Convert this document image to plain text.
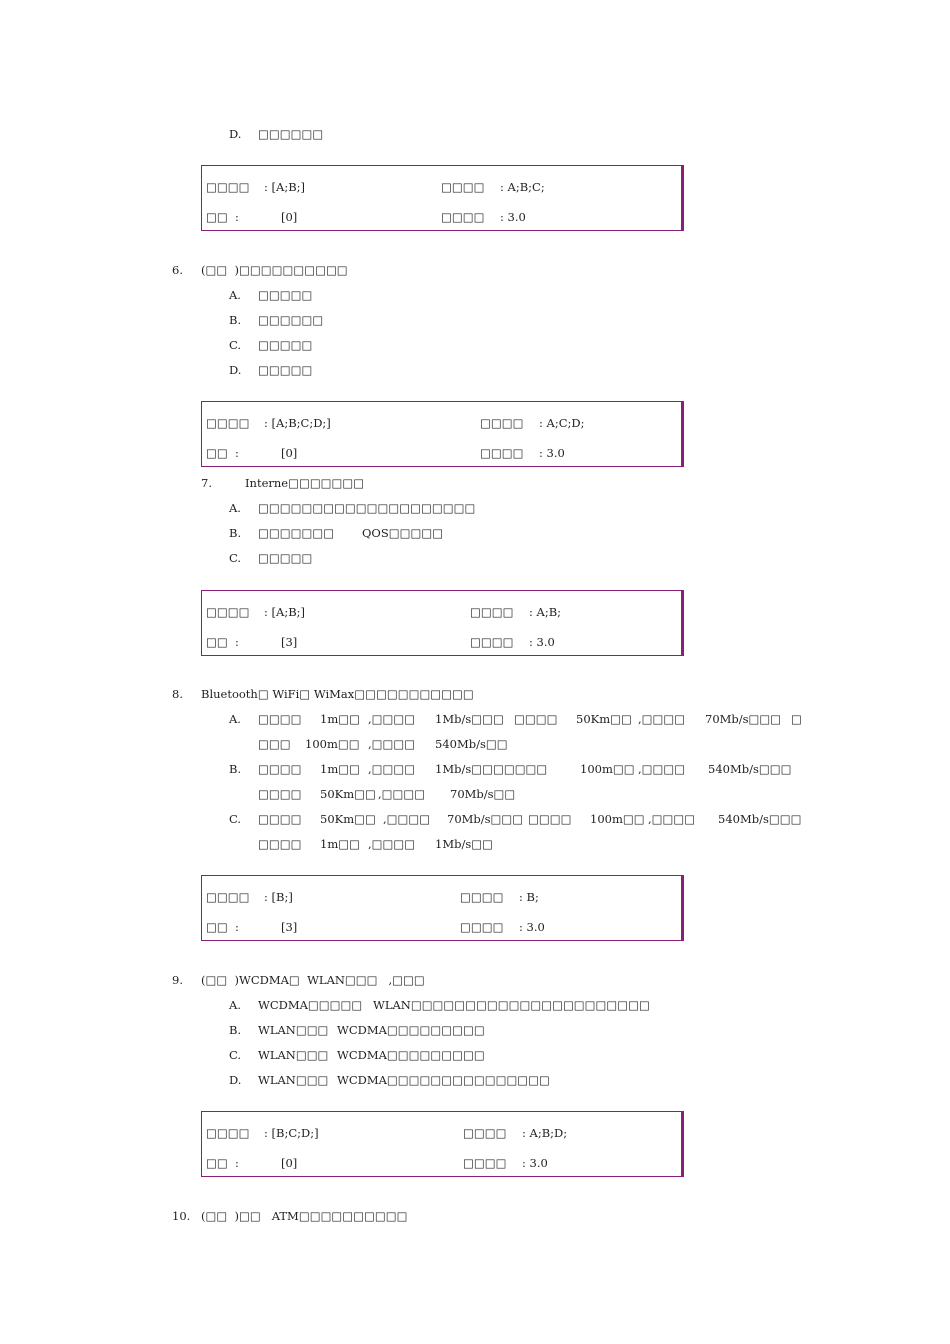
D. □□□□□□
□□□□ : [A;B;]	□□□□ : A;B;C;
□□ :	[0]	□□□□ : 3.0
6. (□□  )□□□□□□□□□□
A. □□□□□
B. □□□□□□
C. □□□□□
D. □□□□□
□□□□ : [A;B;C;D;]	□□□□ : A;C;D;
□□ :	[0]	□□□□ : 3.0
7.	Interne□□□□□□□
A. □□□□□□□□□□□□□□□□□□□□
B. □□□□□□□ QOS□□□□□
C. □□□□□
□□□□ : [A;B;]	□□□□ : A;B;
□□ :	[3]	□□□□ : 3.0
8. Bluetooth□ WiFi□ WiMax□□□□□□□□□□□
A. □□□□ 1m□□ ,□□□□ 1Mb/s□□□ □□□□ 50Km□□ ,□□□□ 70Mb/s□□□ □
□□□ 100m□□ ,□□□□ 540Mb/s□□
B. □□□□ 1m□□ ,□□□□ 1Mb/s□□□□□□□	100m□□ ,□□□□ 540Mb/s□□□
□□□□ 50Km□□ ,□□□□ 70Mb/s□□
C. □□□□ 50Km□□ ,□□□□ 70Mb/s□□□ □□□□ 100m□□ ,□□□□ 540Mb/s□□□
□□□□ 1m□□ ,□□□□ 1Mb/s□□
□□□□ : [B;]	□□□□ : B;
□□ :	[3]	□□□□ : 3.0
9. (□□  )WCDMA□  WLAN□□□   ,□□□
A. WCDMA□□□□□ WLAN□□□□□□□□□□□□□□□□□□□□□□
B. WLAN□□□ WCDMA□□□□□□□□□
C. WLAN□□□ WCDMA□□□□□□□□□
D. WLAN□□□ WCDMA□□□□□□□□□□□□□□□
□□□□ : [B;C;D;]	□□□□ : A;B;D;
□□ :	[0]	□□□□ : 3.0
10. (□□  )□□   ATM□□□□□□□□□□
